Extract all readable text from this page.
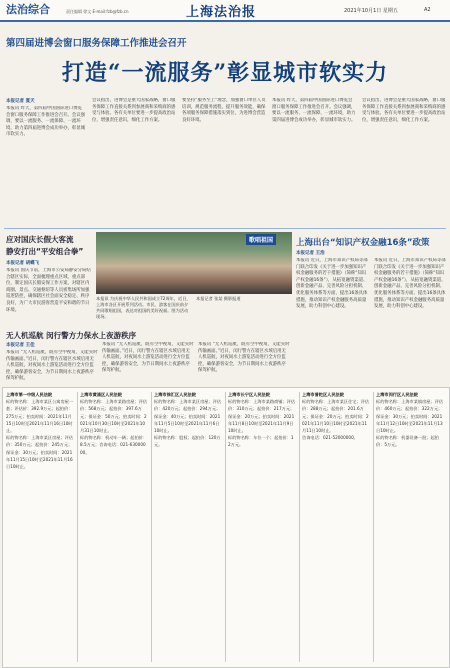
法治综合	责任编辑 徐文 E-mail:fzb@fzb.cn	上海法治报	2021年10月1日 星期五	A2
第四届进博会窗口服务保障工作推进会召开
打造“一流服务”彰显城市软实力
本报记者 夏天
本报讯 昨天，第四届中国国际进口博览会窗口服务保障工作推进会召开。会议强调，要以一流服务、一流保障、一流环境，助力第四届进博会成功举办，彰显城市软实力。
会议指出，进博会是重大国家战略，窗口服务保障工作直接关系到参展商和采购商的感受与体验。各有关单位要进一步提高政治站位，增强责任意识，细化工作方案。
要坚持“服务至上”理念，加强窗口单位人员培训，规范服务流程，提升服务效能，确保各项服务保障措施落实到位，为进博会营造良好环境。
本报讯 昨天，第四届中国国际进口博览会窗口服务保障工作推进会召开。会议强调，要以一流服务、一流保障、一流环境，助力第四届进博会成功举办，彰显城市软实力。
会议指出，进博会是重大国家战略，窗口服务保障工作直接关系到参展商和采购商的感受与体验。各有关单位要进一步提高政治站位，增强责任意识，细化工作方案。
应对国庆长假大客流
静安打出“平安组合拳”
本报记者 胡蝶飞
本报讯 国庆节前，上海市公安局静安分局结合辖区实际，全面梳理重点区域、重点部位，制定国庆长假安保工作方案，对辖区内商圈、景点、交通枢纽等人员密集场所加强巡逻防控，确保辖区社会面安全稳定、秩序良好，为广大市民游客营造平安和谐的节日环境。
歌唱祖国
本报讯 为庆祝中华人民共和国成立72周年，近日，上海市各区开展系列活动。市民、游客在国庆前夕共同歌唱祖国，表达对祖国的美好祝福。图为活动现场。
本报记者 张某 摄影报道
上海出台“知识产权金融16条”政策
本报记者 王浩
本报讯 近日，上海市知识产权局等部门联合印发《关于进一步加强知识产权金融服务的若干措施》（简称“知识产权金融16条”），从拓宽融资渠道、创新金融产品、完善风险分担机制、优化服务体系等方面，提出16条具体措施，推动知识产权金融服务高质量发展，助力科创中心建设。
本报讯 近日，上海市知识产权局等部门联合印发《关于进一步加强知识产权金融服务的若干措施》（简称“知识产权金融16条”），从拓宽融资渠道、创新金融产品、完善风险分担机制、优化服务体系等方面，提出16条具体措施，推动知识产权金融服务高质量发展，助力科创中心建设。
无人机巡航 闵行警方力保水上夜游秩序
本报记者 王佳
本报讯 “无人机巡航，既有空中视角，又能实时传输画面。”近日，闵行警方在辖区水域启用无人机巡航，对夜间水上游览活动进行全方位监控，确保游客安全，为节日期间水上夜游秩序保驾护航。
本报讯 “无人机巡航，既有空中视角，又能实时传输画面。”近日，闵行警方在辖区水域启用无人机巡航，对夜间水上游览活动进行全方位监控，确保游客安全，为节日期间水上夜游秩序保驾护航。
本报讯 “无人机巡航，既有空中视角，又能实时传输画面。”近日，闵行警方在辖区水域启用无人机巡航，对夜间水上游览活动进行全方位监控，确保游客安全，为节日期间水上夜游秩序保驾护航。
上海市第一中级人民法院
标的物名称：上海市某区公寓房屋一套；评估价：392.9万元；起拍价：275万元；拍卖时间：2021年11月15日10时至2021年11月16日10时止。
标的物名称：上海市某区房屋；评估价：350万元；起拍价：245万元；保证金：30万元；拍卖时间：2021年11月15日10时至2021年11月16日10时止。
上海市黄浦区人民法院
标的物名称：上海市某路房屋；评估价：568万元；起拍价：397.6万元；保证金：50万元；拍卖时间：2021年10月30日10时至2021年10月31日10时止。
标的物名称：机动车一辆；起拍价：8.5万元；咨询电话：021-63000000。
上海市徐汇区人民法院
标的物名称：上海市某区房屋；评估价：420万元；起拍价：294万元；保证金：40万元；拍卖时间：2021年11月5日10时至2021年11月6日10时止。
标的物名称：股权；起拍价：120万元。
上海市长宁区人民法院
标的物名称：上海市某路商铺；评估价：310万元；起拍价：217万元；保证金：20万元；拍卖时间：2021年11月8日10时至2021年11月9日10时止。
标的物名称：车位一个；起拍价：12万元。
上海市普陀区人民法院
标的物名称：上海市某区住宅；评估价：288万元；起拍价：201.6万元；保证金：20万元；拍卖时间：2021年11月10日10时至2021年11月11日10时止。
咨询电话：021-52000000。
上海市闵行区人民法院
标的物名称：上海市某镇房屋；评估价：460万元；起拍价：322万元；保证金：30万元；拍卖时间：2021年11月12日10时至2021年11月13日10时止。
标的物名称：机器设备一批；起拍价：5万元。
